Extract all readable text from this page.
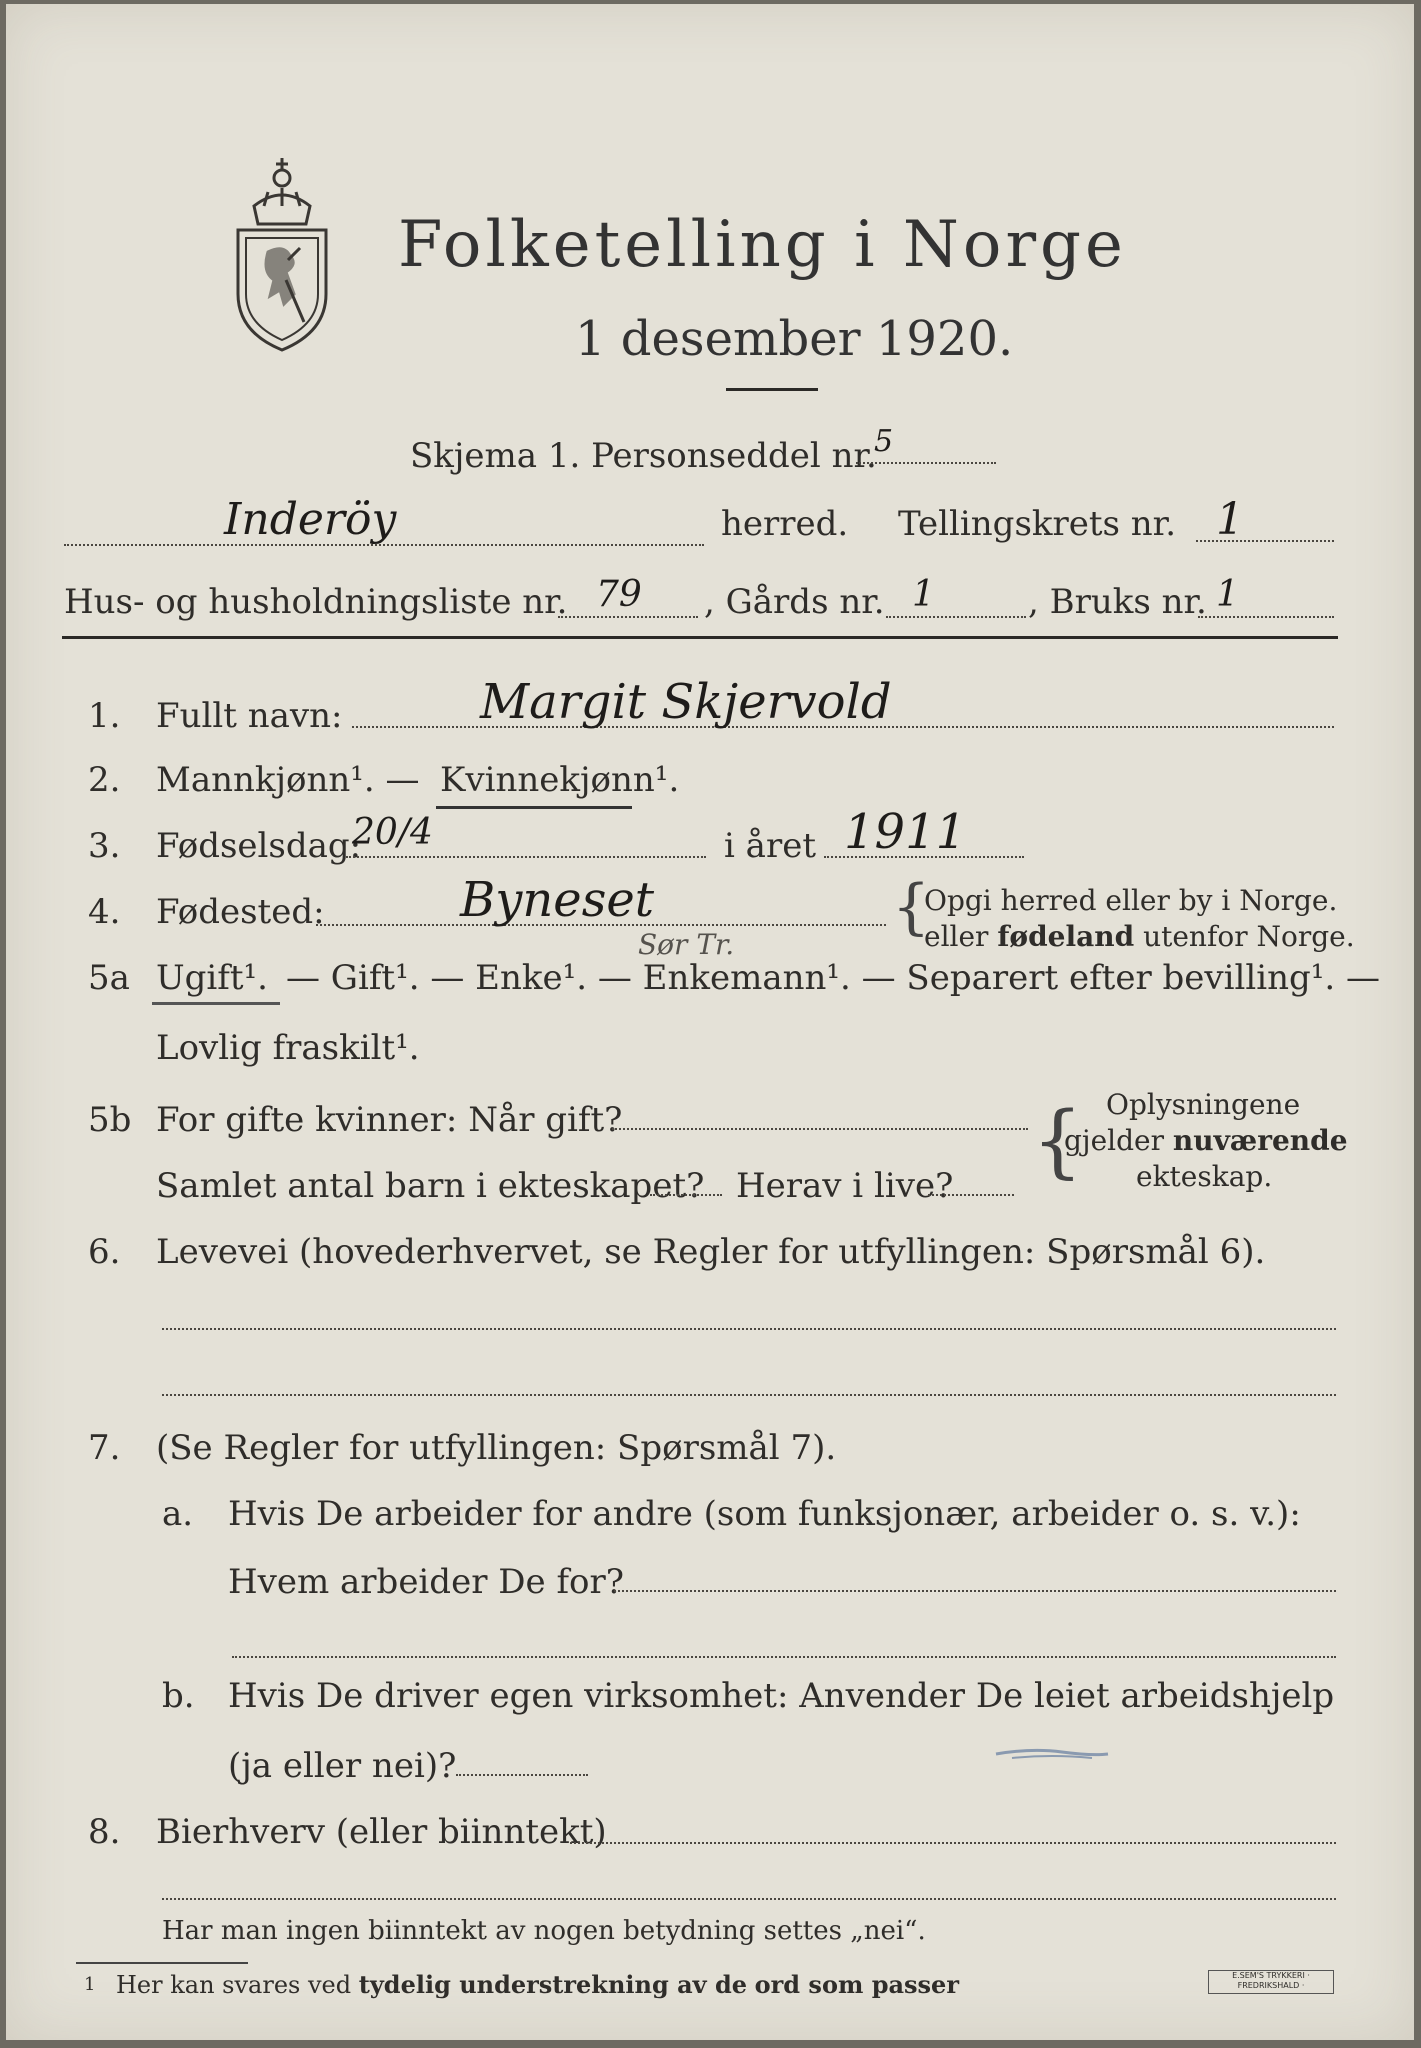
Folketelling i Norge
1 desember 1920.
Skjema 1. Personseddel nr.
5
Inderöy	herred. Tellingskrets nr. 1
Hus- og husholdningsliste nr. 79 , Gårds nr. 1	, Bruks nr. 1
1. Fullt navn:	Margit Skjervold
2. Mannkjønn¹. — Kvinnekjønn¹.
3. Fødselsdag:
20/4	i året 1911
4. Fødested:	Byneset
Sør Tr.
{
Opgi herred eller by i Norge.
eller fødeland utenfor Norge.
5a Ugift¹. — Gift¹. — Enke¹. — Enkemann¹. — Separert efter bevilling¹. —
Lovlig fraskilt¹.
5b For gifte kvinner: Når gift?
Samlet antal barn i ekteskapet? Herav i live? { Oplysningene
gjelder nuværende
ekteskap.
6. Levevei (hovederhvervet, se Regler for utfyllingen: Spørsmål 6).
7. (Se Regler for utfyllingen: Spørsmål 7).
a. Hvis De arbeider for andre (som funksjonær, arbeider o. s. v.):
Hvem arbeider De for?
b. Hvis De driver egen virksomhet: Anvender De leiet arbeidshjelp
(ja eller nei)?
8. Bierhverv (eller biinntekt)
Har man ingen biinntekt av nogen betydning settes „nei“.
1 Her kan svares ved tydelig understrekning av de ord som passer	E.SEM'S TRYKKERI · FREDRIKSHALD ·
